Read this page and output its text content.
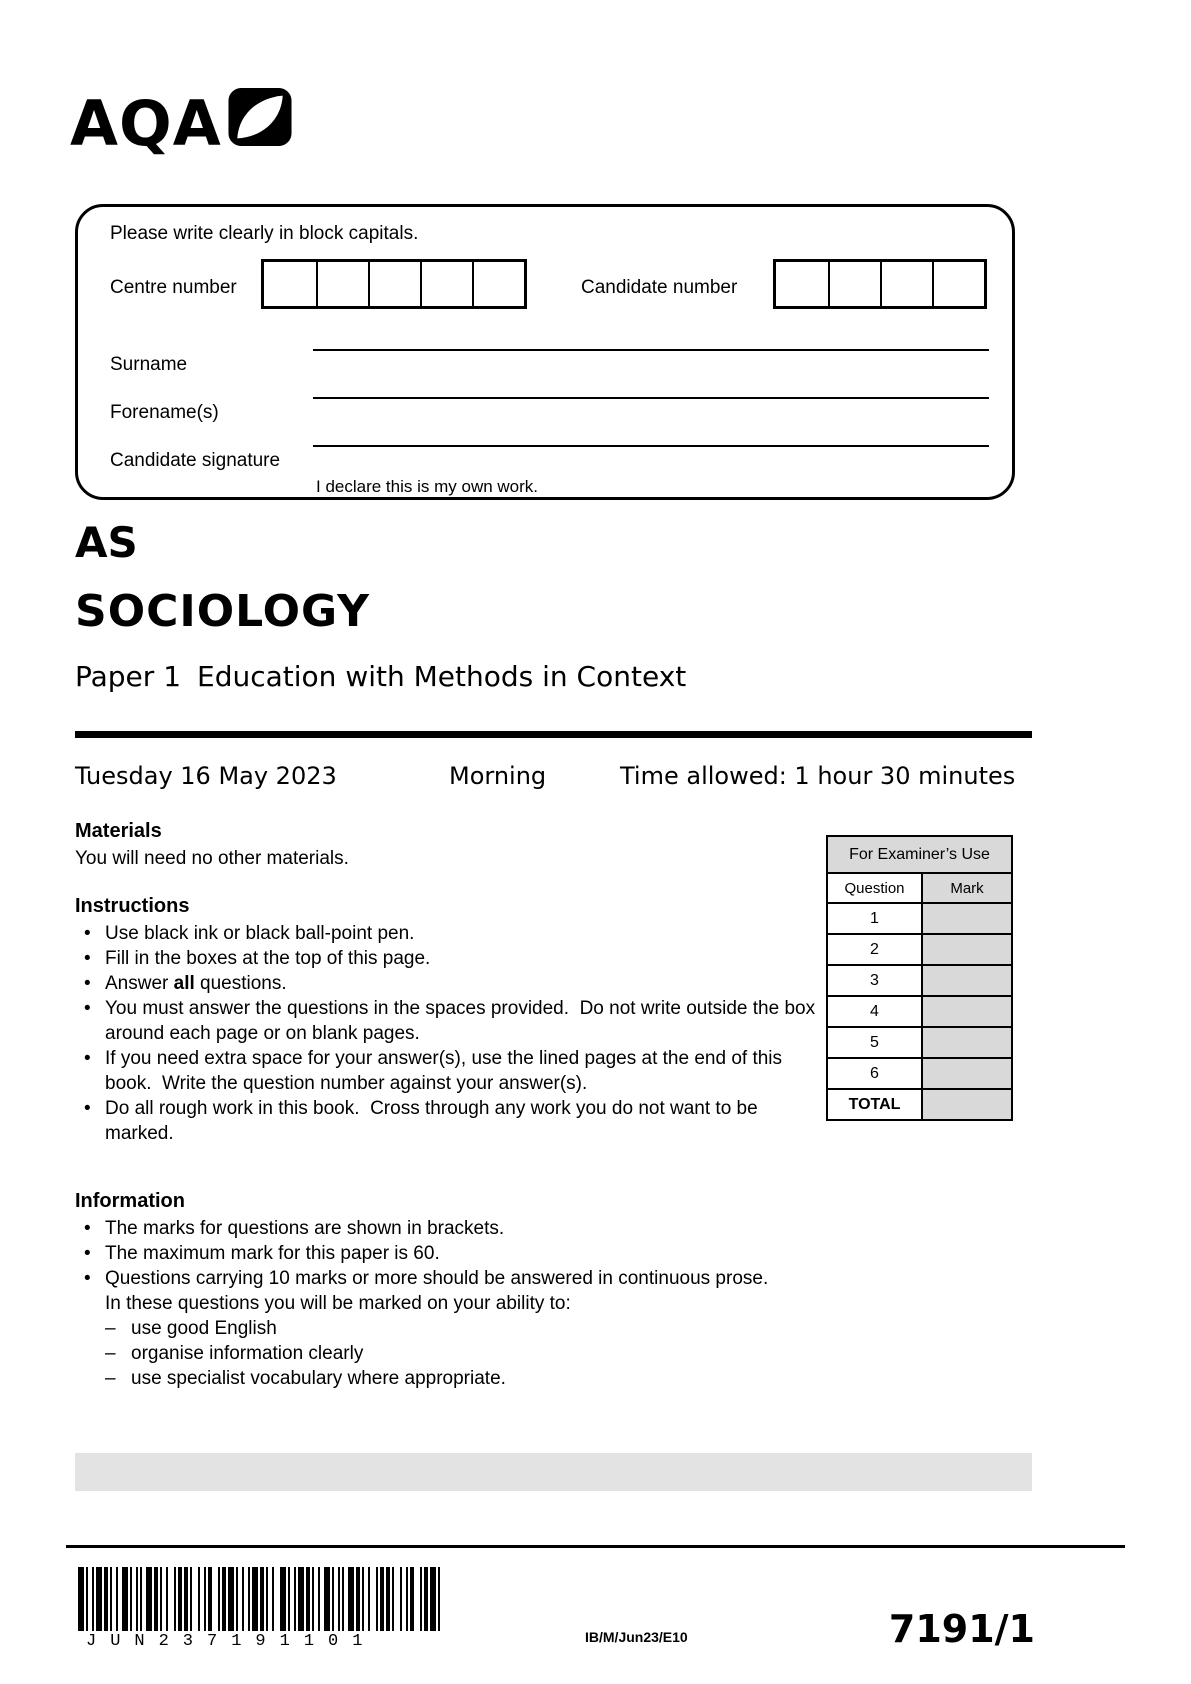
AQA
Please write clearly in block capitals.
Centre number	Candidate number
Surname
Forename(s)
Candidate signature
I declare this is my own work.
AS
SOCIOLOGY
Paper 1 Education with Methods in Context
Tuesday 16 May 2023	Morning	Time allowed: 1 hour 30 minutes
Materials

You will need no other materials.

Instructions
• Use black ink or black ball-point pen.
• Fill in the boxes at the top of this page.
• Answer all questions.
• You must answer the questions in the spaces provided.  Do not write outside the box around each page or on blank pages.
• If you need extra space for your answer(s), use the lined pages at the end of this book.  Write the question number against your answer(s).
• Do all rough work in this book.  Cross through any work you do not want to be marked.
Information
• The marks for questions are shown in brackets.
• The maximum mark for this paper is 60.
• Questions carrying 10 marks or more should be answered in continuous prose.
In these questions you will be marked on your ability to:
– use good English
– organise information clearly
– use specialist vocabulary where appropriate.
For Examiner’s Use	
Question	Mark
1	
2	
3	
4	
5	
6	
TOTAL	
JUN237191101	IB/M/Jun23/E10	7191/1
